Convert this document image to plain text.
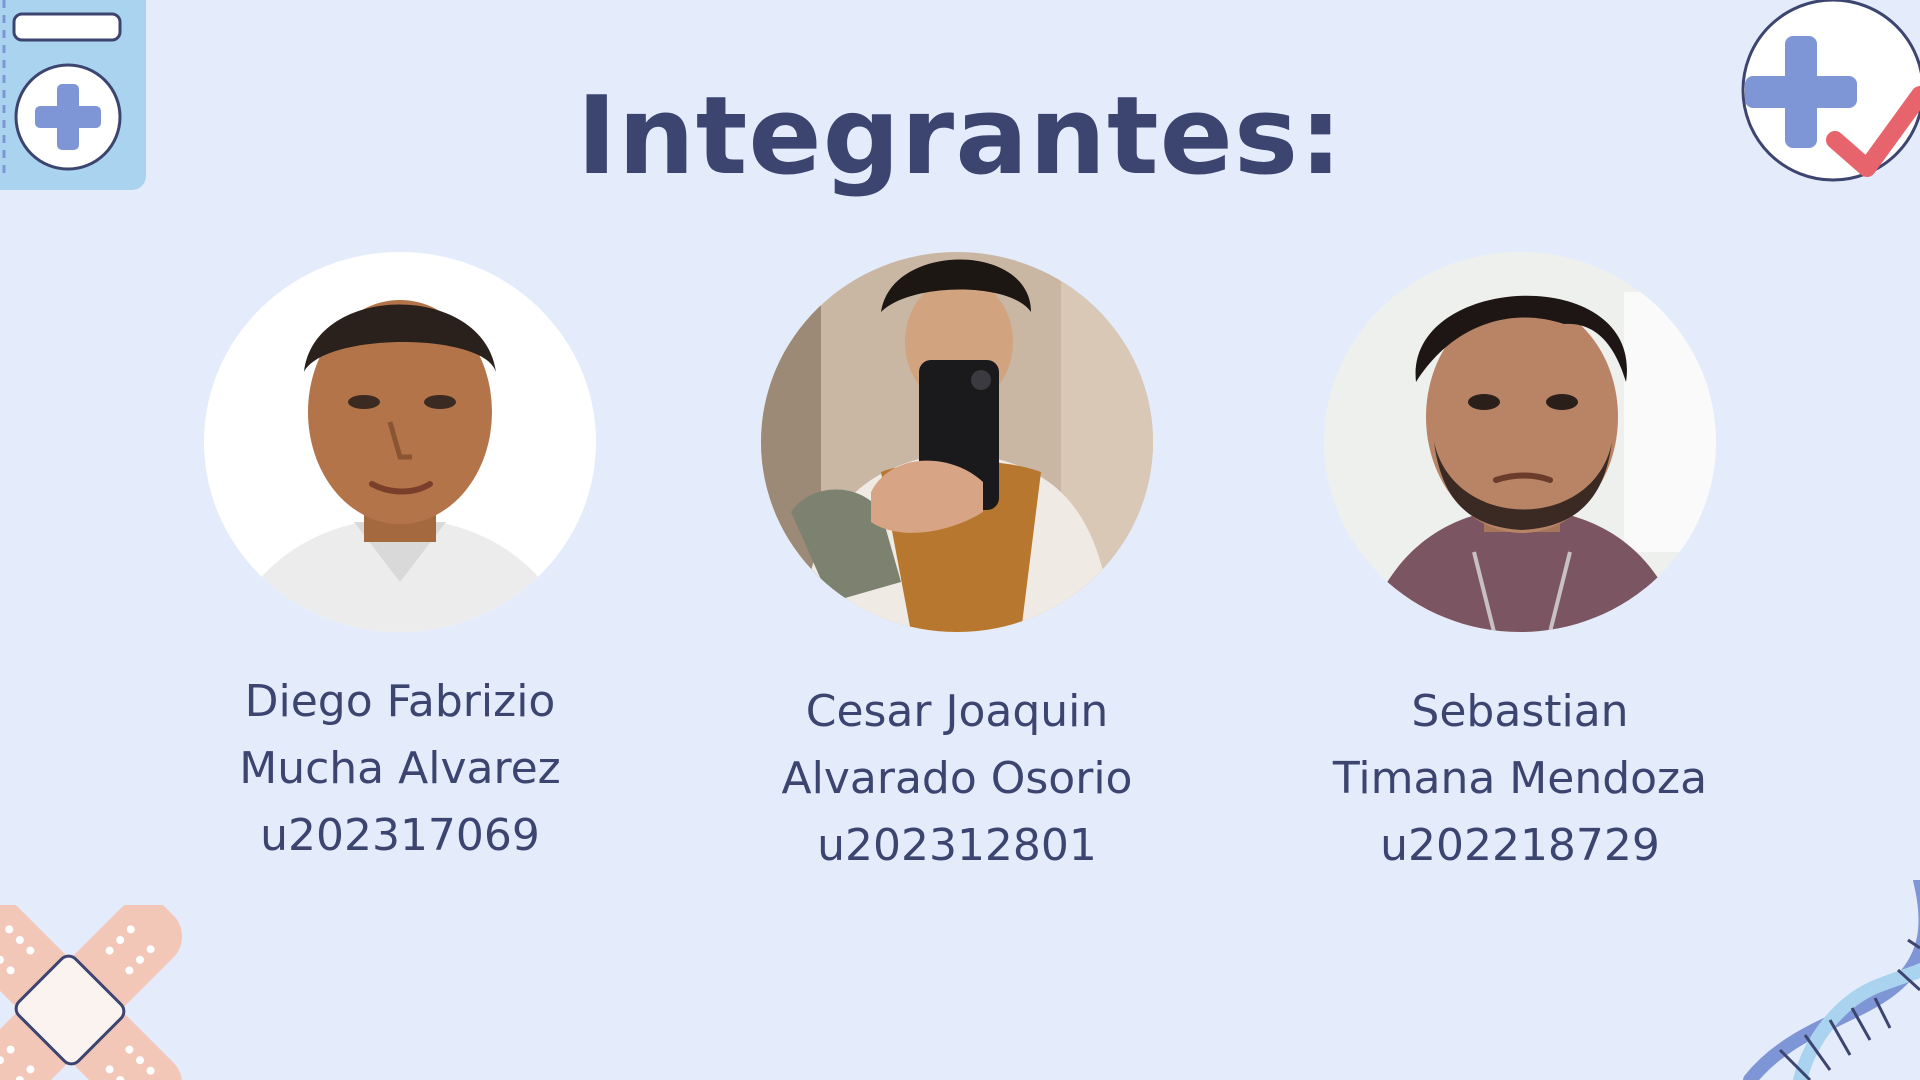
Integrantes:
Diego Fabrizio
Mucha Alvarez
u202317069
Cesar Joaquin
Alvarado Osorio
u202312801
Sebastian
Timana Mendoza
u202218729
